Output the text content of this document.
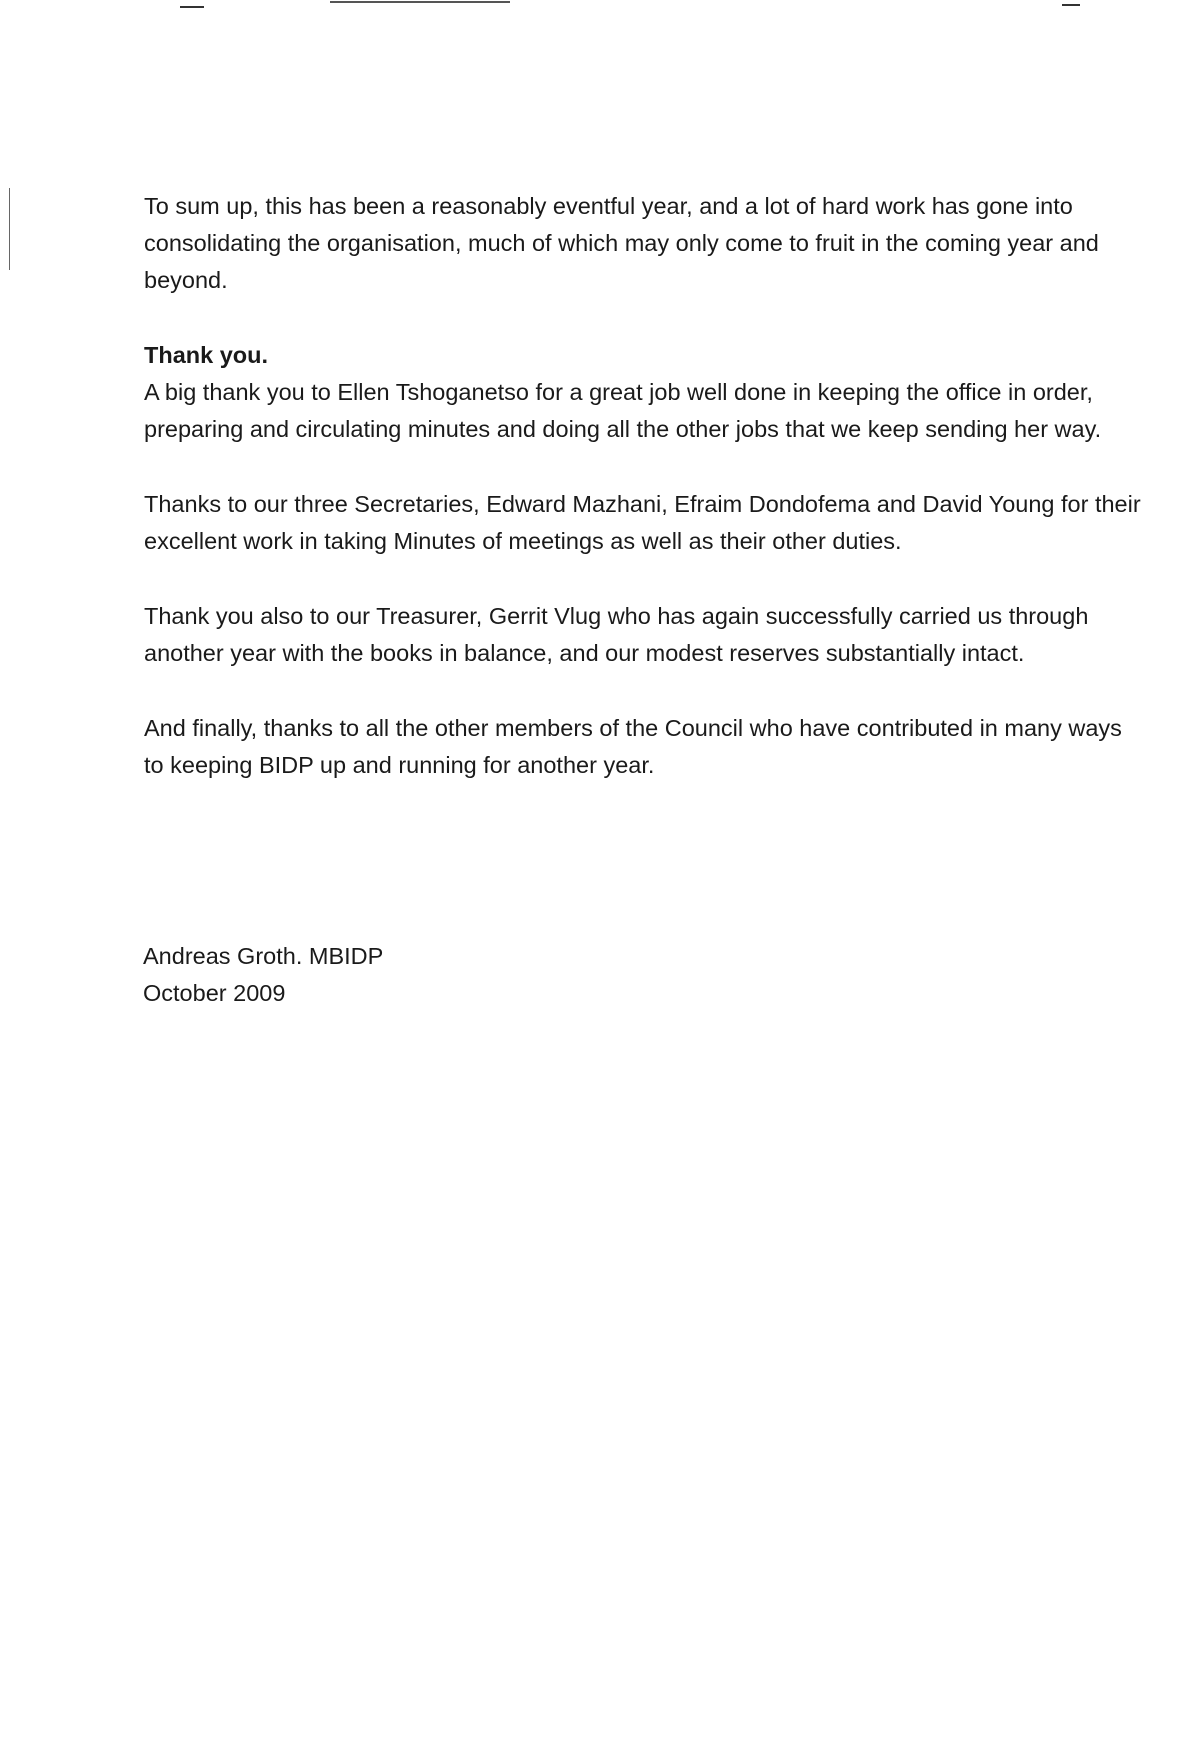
To sum up, this has been a reasonably eventful year, and a lot of hard work has gone into consolidating the organisation, much of which may only come to fruit in the coming year and beyond.

Thank you.

A big thank you to Ellen Tshoganetso for a great job well done in keeping the office in order, preparing and circulating minutes and doing all the other jobs that we keep sending her way.

Thanks to our three Secretaries, Edward Mazhani, Efraim Dondofema and David Young for their excellent work in taking Minutes of meetings as well as their other duties.

Thank you also to our Treasurer, Gerrit Vlug who has again successfully carried us through another year with the books in balance, and our modest reserves substantially intact.

And finally, thanks to all the other members of the Council who have contributed in many ways to keeping BIDP up and running for another year.

Andreas Groth. MBIDP
October 2009
